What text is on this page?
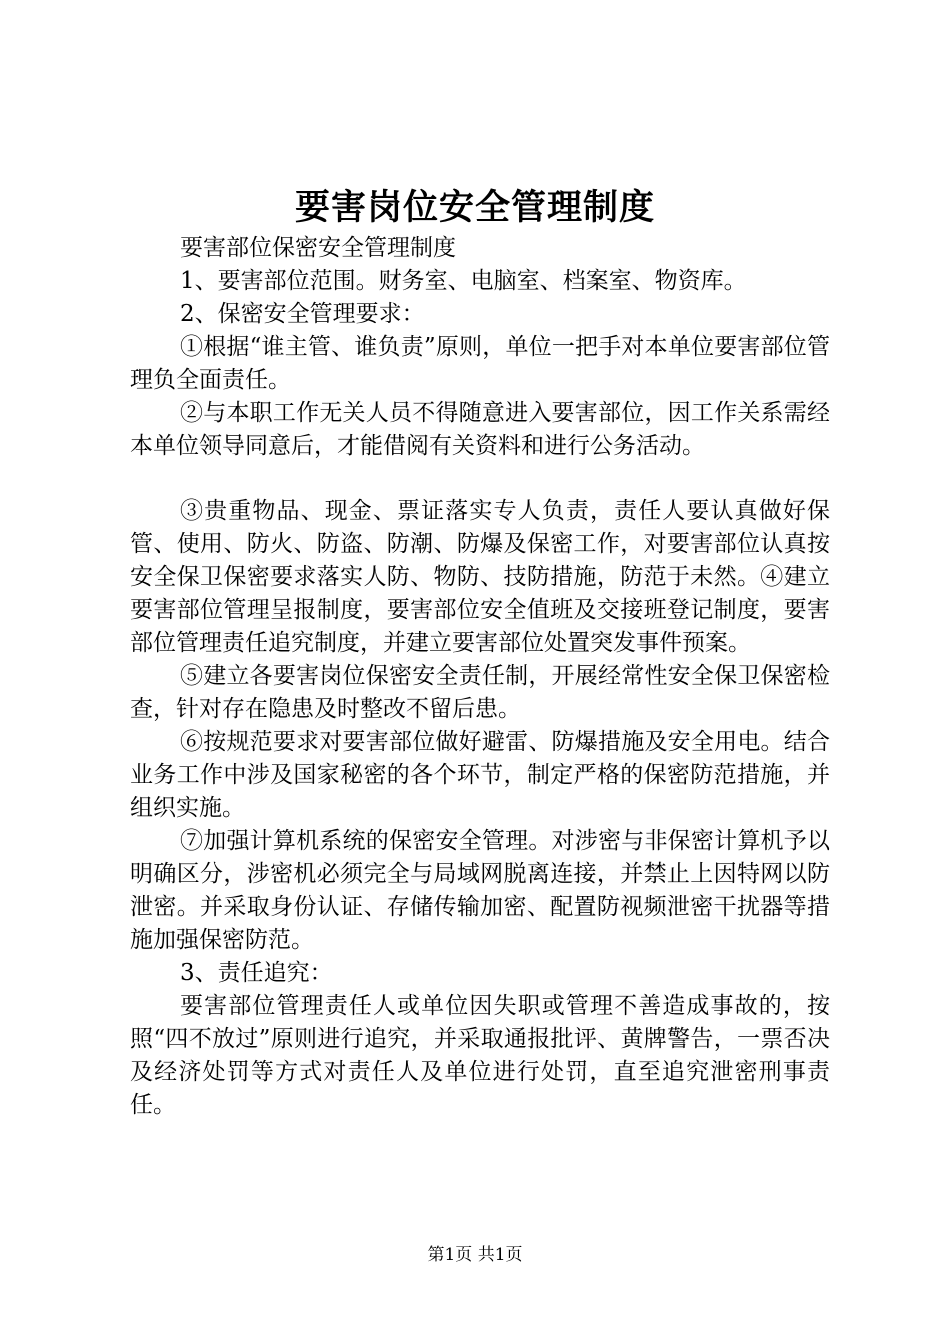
要害岗位安全管理制度

要害部位保密安全管理制度

1、要害部位范围。财务室、电脑室、档案室、物资库。

2、保密安全管理要求：

①根据“谁主管、谁负责”原则，单位一把手对本单位要害部位管理负全面责任。

②与本职工作无关人员不得随意进入要害部位，因工作关系需经本单位领导同意后，才能借阅有关资料和进行公务活动。

③贵重物品、现金、票证落实专人负责，责任人要认真做好保管、使用、防火、防盗、防潮、防爆及保密工作，对要害部位认真按安全保卫保密要求落实人防、物防、技防措施，防范于未然。④建立要害部位管理呈报制度，要害部位安全值班及交接班登记制度，要害部位管理责任追究制度，并建立要害部位处置突发事件预案。

⑤建立各要害岗位保密安全责任制，开展经常性安全保卫保密检查，针对存在隐患及时整改不留后患。

⑥按规范要求对要害部位做好避雷、防爆措施及安全用电。结合业务工作中涉及国家秘密的各个环节，制定严格的保密防范措施，并组织实施。

⑦加强计算机系统的保密安全管理。对涉密与非保密计算机予以明确区分，涉密机必须完全与局域网脱离连接，并禁止上因特网以防泄密。并采取身份认证、存储传输加密、配置防视频泄密干扰器等措施加强保密防范。

3、责任追究：

要害部位管理责任人或单位因失职或管理不善造成事故的，按照“四不放过”原则进行追究，并采取通报批评、黄牌警告，一票否决及经济处罚等方式对责任人及单位进行处罚，直至追究泄密刑事责任。

第1页 共1页
